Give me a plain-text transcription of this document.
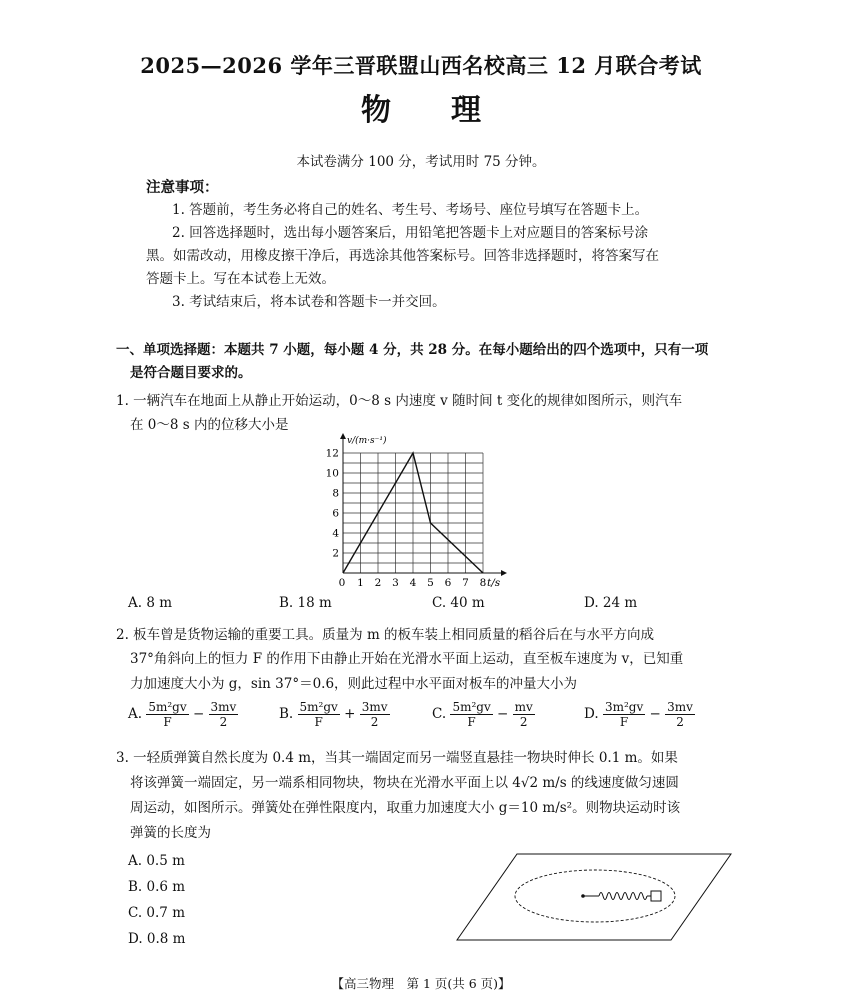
2025—2026 学年三晋联盟山西名校高三 12 月联合考试
物理
本试卷满分 100 分，考试用时 75 分钟。
注意事项：
1. 答题前，考生务必将自己的姓名、考生号、考场号、座位号填写在答题卡上。
2. 回答选择题时，选出每小题答案后，用铅笔把答题卡上对应题目的答案标号涂
黑。如需改动，用橡皮擦干净后，再选涂其他答案标号。回答非选择题时，将答案写在
答题卡上。写在本试卷上无效。
3. 考试结束后，将本试卷和答题卡一并交回。
一、单项选择题：本题共 7 小题，每小题 4 分，共 28 分。在每小题给出的四个选项中，只有一项
是符合题目要求的。
1. 一辆汽车在地面上从静止开始运动，0～8 s 内速度 v 随时间 t 变化的规律如图所示，则汽车
在 0～8 s 内的位移大小是
0 1 2 3 4 5 6 7 8
2
4
6
8
10
12
v/(m·s⁻¹)
t/s
A. 8 m	B. 18 m	C. 40 m	D. 24 m
2. 板车曾是货物运输的重要工具。质量为 m 的板车装上相同质量的稻谷后在与水平方向成
37°角斜向上的恒力 F 的作用下由静止开始在光滑水平面上运动，直至板车速度为 v，已知重
力加速度大小为 g，sin 37°＝0.6，则此过程中水平面对板车的冲量大小为
A. $\frac{\text{5m²gv}}{F} - \frac{3mv}{2}$	B. $\frac{\text{5m²gv}}{F} + \frac{3mv}{2}$	C. $\frac{\text{5m²gv}}{F} - \frac{mv}{2}$	D. $\frac{\text{3m²gv}}{F} - \frac{3mv}{2}$
3. 一轻质弹簧自然长度为 0.4 m，当其一端固定而另一端竖直悬挂一物块时伸长 0.1 m。如果
将该弹簧一端固定，另一端系相同物块，物块在光滑水平面上以 4√2 m/s 的线速度做匀速圆
周运动，如图所示。弹簧处在弹性限度内，取重力加速度大小 g＝10 m/s²。则物块运动时该
弹簧的长度为
A. 0.5 m
B. 0.6 m
C. 0.7 m
D. 0.8 m
【高三物理　第 1 页(共 6 页)】
